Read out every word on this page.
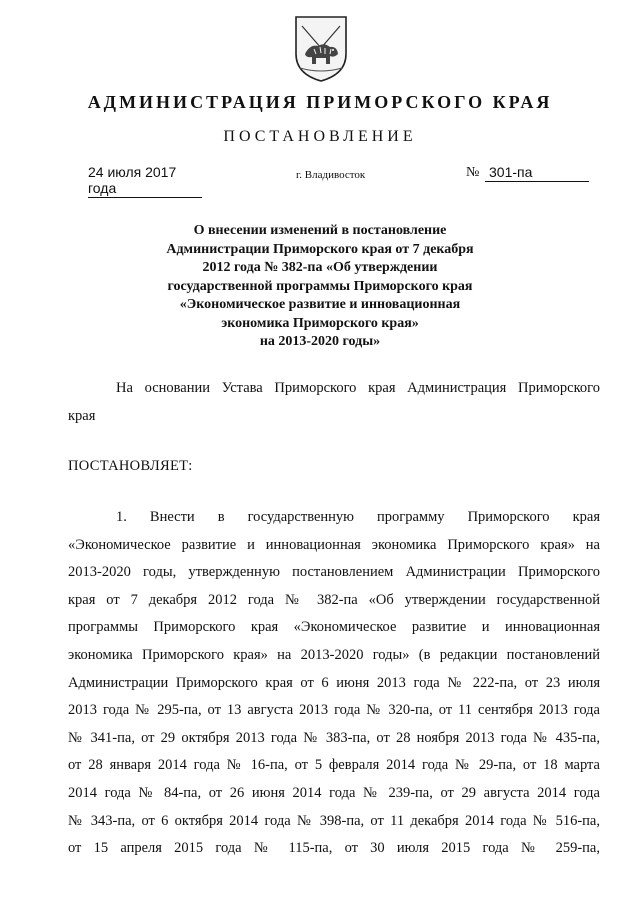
АДМИНИСТРАЦИЯ ПРИМОРСКОГО КРАЯ
ПОСТАНОВЛЕНИЕ
24 июля 2017 года
г. Владивосток	№ 301-па
О внесении изменений в постановление
Администрации Приморского края от 7 декабря
2012 года № 382-па «Об утверждении
государственной программы Приморского края
«Экономическое развитие и инновационная
экономика Приморского края»
на 2013-2020 годы»
На основании Устава Приморского края Администрация Приморского
края
ПОСТАНОВЛЯЕТ:
1. Внести в государственную программу Приморского края
«Экономическое развитие и инновационная экономика Приморского края» на
2013-2020 годы, утвержденную постановлением Администрации Приморского
края от 7 декабря 2012 года № 382-па «Об утверждении государственной
программы Приморского края «Экономическое развитие и инновационная
экономика Приморского края» на 2013-2020 годы» (в редакции постановлений
Администрации Приморского края от 6 июня 2013 года № 222-па, от 23 июля
2013 года № 295-па, от 13 августа 2013 года № 320-па, от 11 сентября 2013 года
№ 341-па, от 29 октября 2013 года № 383-па, от 28 ноября 2013 года № 435-па,
от 28 января 2014 года № 16-па, от 5 февраля 2014 года № 29-па, от 18 марта
2014 года № 84-па, от 26 июня 2014 года № 239-па, от 29 августа 2014 года
№ 343-па, от 6 октября 2014 года № 398-па, от 11 декабря 2014 года № 516-па,
от 15 апреля 2015 года № 115-па, от 30 июля 2015 года № 259-па,
